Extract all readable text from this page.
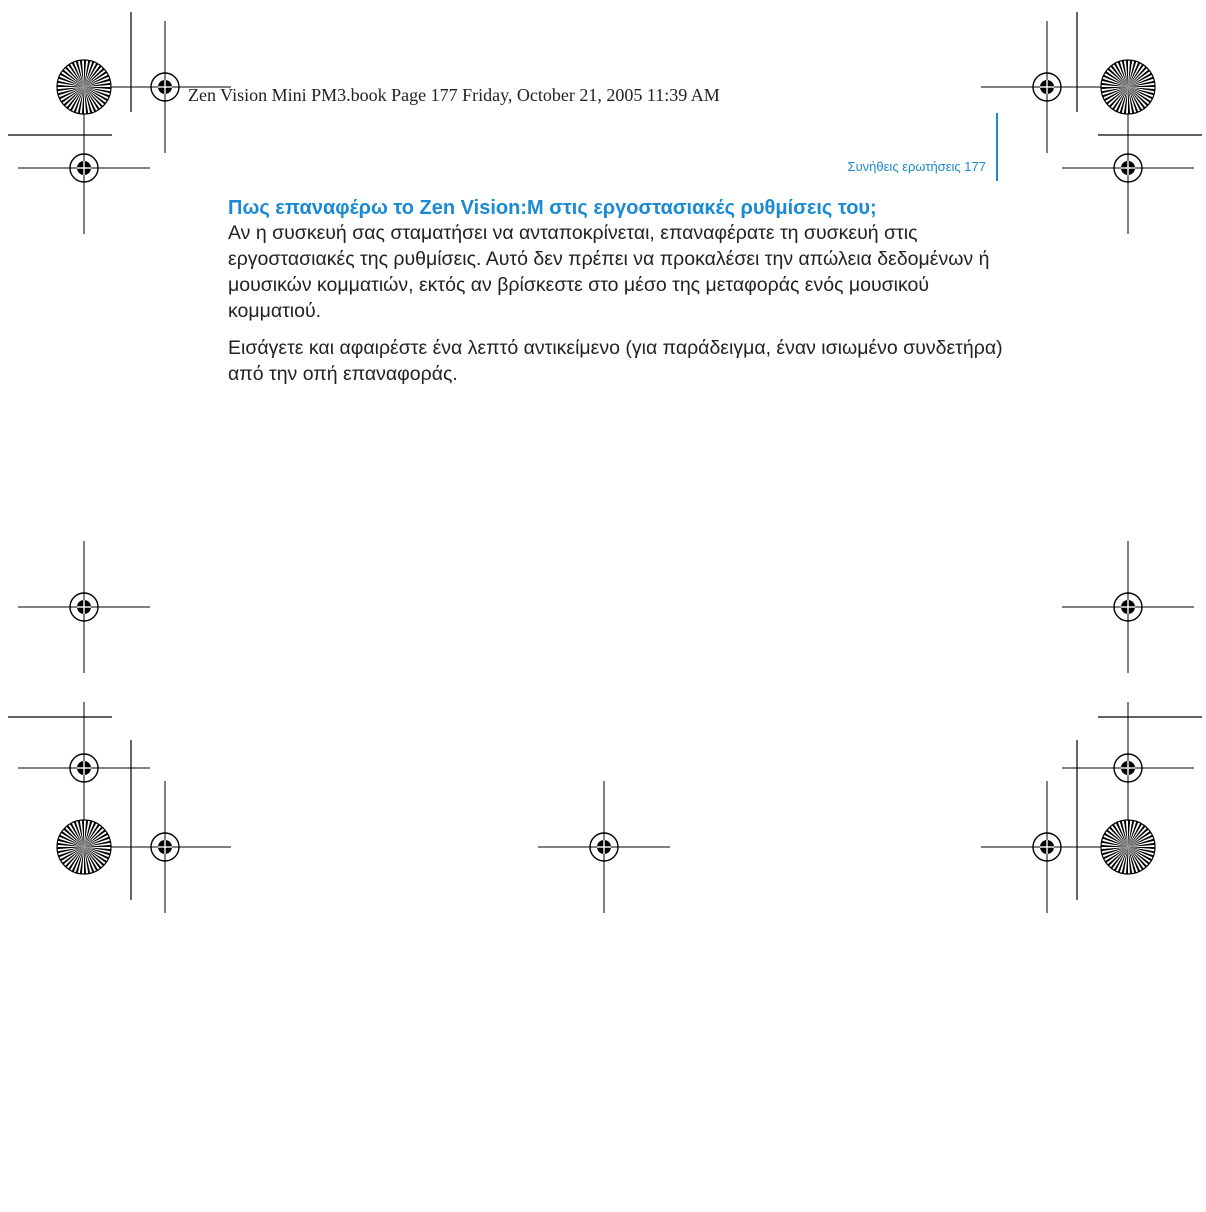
Zen Vision Mini PM3.book Page 177 Friday, October 21, 2005 11:39 AM
Συνήθεις ερωτήσεις 177
Πως επαναφέρω το Zen Vision:M στις εργοστασιακές ρυθμίσεις του;

Αν η συσκευή σας σταματήσει να ανταποκρίνεται, επαναφέρατε τη συσκευή στις εργοστασιακές της ρυθμίσεις. Αυτό δεν πρέπει να προκαλέσει την απώλεια δεδομένων ή μουσικών κομματιών, εκτός αν βρίσκεστε στο μέσο της μεταφοράς ενός μουσικού κομματιού.

Εισάγετε και αφαιρέστε ένα λεπτό αντικείμενο (για παράδειγμα, έναν ισιωμένο συνδετήρα) από την οπή επαναφοράς.
